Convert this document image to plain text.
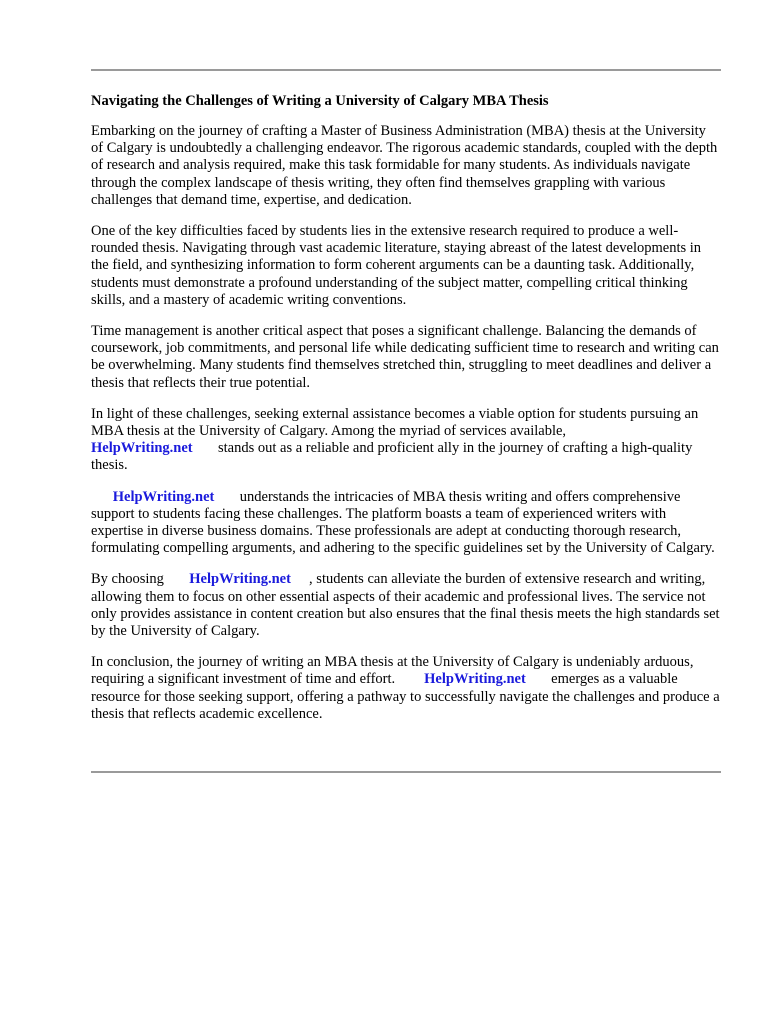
Navigating the Challenges of Writing a University of Calgary MBA Thesis

Embarking on the journey of crafting a Master of Business Administration (MBA) thesis at the University of Calgary is undoubtedly a challenging endeavor. The rigorous academic standards, coupled with the depth of research and analysis required, make this task formidable for many students. As individuals navigate through the complex landscape of thesis writing, they often find themselves grappling with various challenges that demand time, expertise, and dedication.

One of the key difficulties faced by students lies in the extensive research required to produce a well-rounded thesis. Navigating through vast academic literature, staying abreast of the latest developments in the field, and synthesizing information to form coherent arguments can be a daunting task. Additionally, students must demonstrate a profound understanding of the subject matter, compelling critical thinking skills, and a mastery of academic writing conventions.

Time management is another critical aspect that poses a significant challenge. Balancing the demands of coursework, job commitments, and personal life while dedicating sufficient time to research and writing can be overwhelming. Many students find themselves stretched thin, struggling to meet deadlines and deliver a thesis that reflects their true potential.

In light of these challenges, seeking external assistance becomes a viable option for students pursuing an MBA thesis at the University of Calgary. Among the myriad of services available,
HelpWriting.net stands out as a reliable and proficient ally in the journey of crafting a high-quality thesis.

HelpWriting.net understands the intricacies of MBA thesis writing and offers comprehensive support to students facing these challenges. The platform boasts a team of experienced writers with expertise in diverse business domains. These professionals are adept at conducting thorough research, formulating compelling arguments, and adhering to the specific guidelines set by the University of Calgary.

By choosing HelpWriting.net , students can alleviate the burden of extensive research and writing, allowing them to focus on other essential aspects of their academic and professional lives. The service not only provides assistance in content creation but also ensures that the final thesis meets the high standards set by the University of Calgary.

In conclusion, the journey of writing an MBA thesis at the University of Calgary is undeniably arduous, requiring a significant investment of time and effort. HelpWriting.net emerges as a valuable resource for those seeking support, offering a pathway to successfully navigate the challenges and produce a thesis that reflects academic excellence.
